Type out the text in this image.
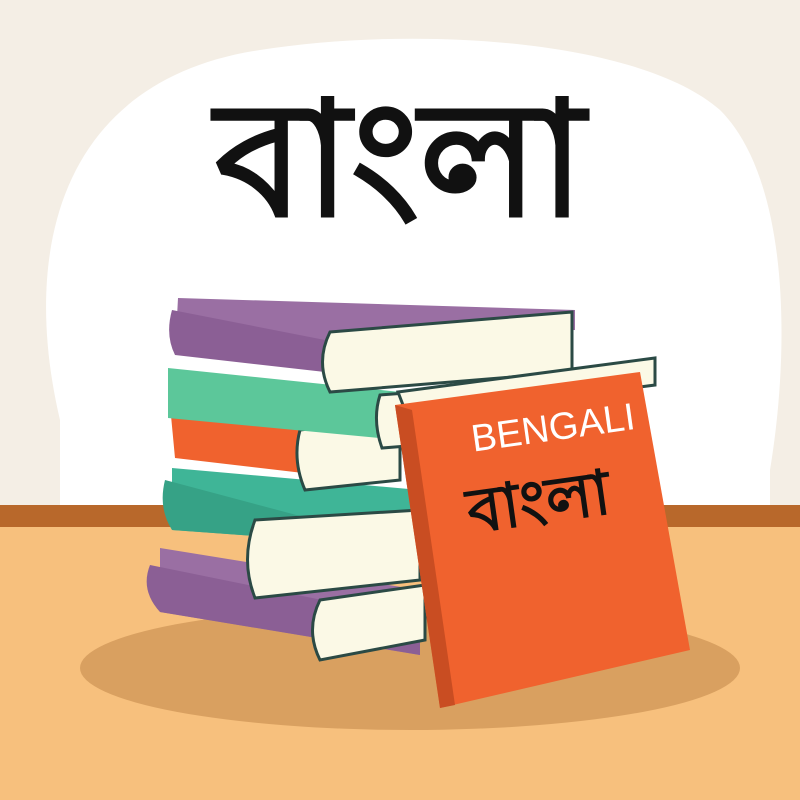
বাংলা
BENGALI
বাংলা
